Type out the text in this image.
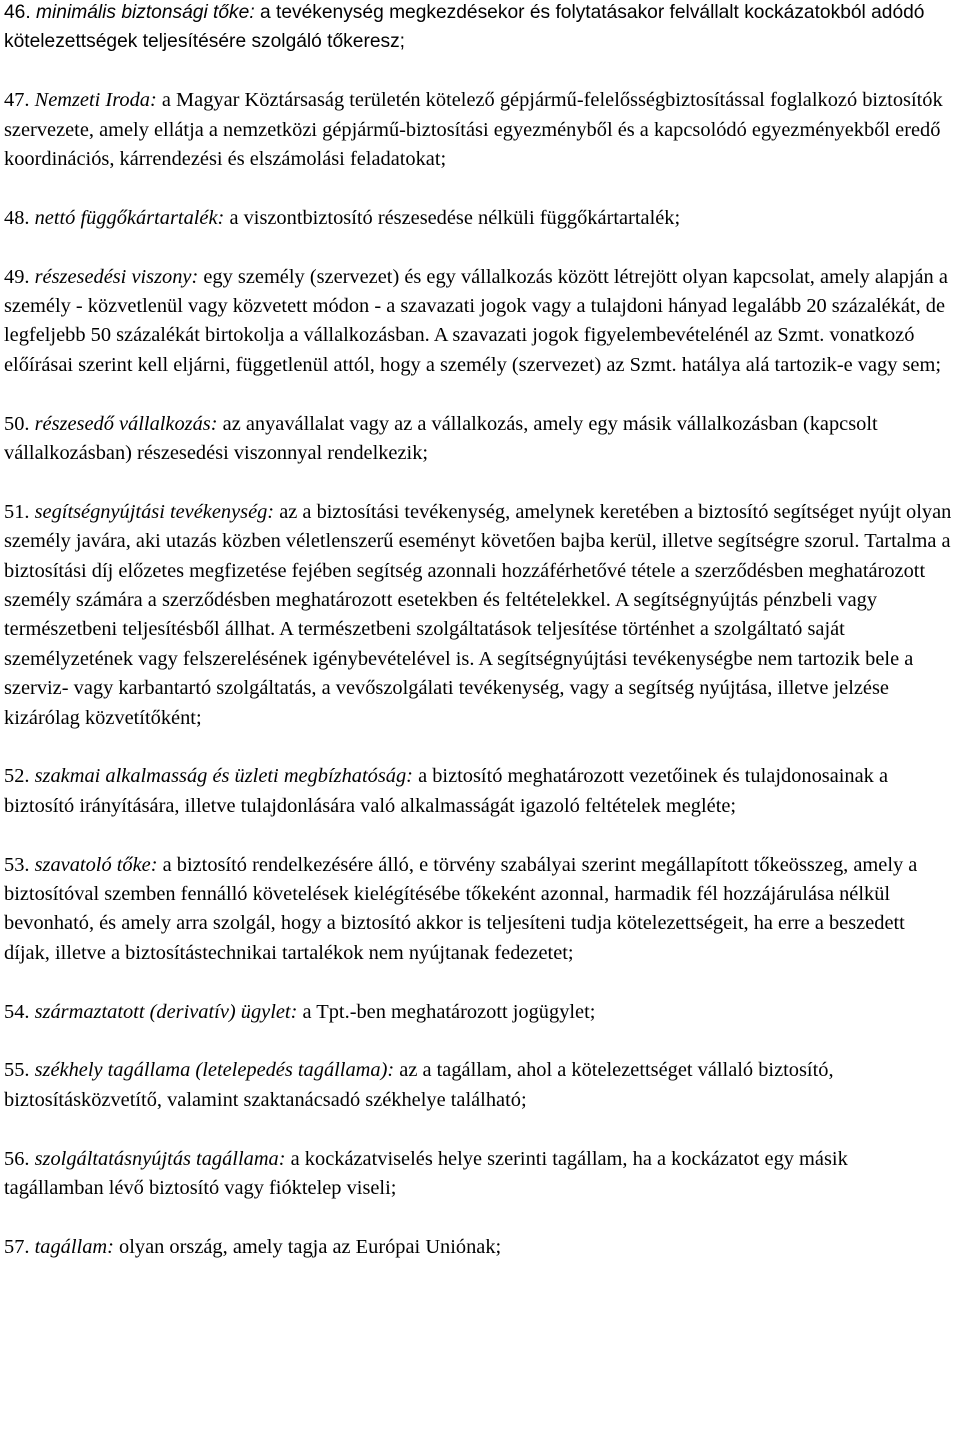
46. minimális biztonsági tőke: a tevékenység megkezdésekor és folytatásakor felvállalt kockázatokból adódó kötelezettségek teljesítésére szolgáló tőkeresz;

47. Nemzeti Iroda: a Magyar Köztársaság területén kötelező gépjármű-felelősségbiztosítással foglalkozó biztosítók szervezete, amely ellátja a nemzetközi gépjármű-biztosítási egyezményből és a kapcsolódó egyezményekből eredő koordinációs, kárrendezési és elszámolási feladatokat;

48. nettó függőkártartalék: a viszontbiztosító részesedése nélküli függőkártartalék;

49. részesedési viszony: egy személy (szervezet) és egy vállalkozás között létrejött olyan kapcsolat, amely alapján a személy - közvetlenül vagy közvetett módon - a szavazati jogok vagy a tulajdoni hányad legalább 20 százalékát, de legfeljebb 50 százalékát birtokolja a vállalkozásban. A szavazati jogok figyelembevételénél az Szmt. vonatkozó előírásai szerint kell eljárni, függetlenül attól, hogy a személy (szervezet) az Szmt. hatálya alá tartozik-e vagy sem;

50. részesedő vállalkozás: az anyavállalat vagy az a vállalkozás, amely egy másik vállalkozásban (kapcsolt vállalkozásban) részesedési viszonnyal rendelkezik;

51. segítségnyújtási tevékenység: az a biztosítási tevékenység, amelynek keretében a biztosító segítséget nyújt olyan személy javára, aki utazás közben véletlenszerű eseményt követően bajba kerül, illetve segítségre szorul. Tartalma a biztosítási díj előzetes megfizetése fejében segítség azonnali hozzáférhetővé tétele a szerződésben meghatározott személy számára a szerződésben meghatározott esetekben és feltételekkel. A segítségnyújtás pénzbeli vagy természetbeni teljesítésből állhat. A természetbeni szolgáltatások teljesítése történhet a szolgáltató saját személyzetének vagy felszerelésének igénybevételével is. A segítségnyújtási tevékenységbe nem tartozik bele a szerviz- vagy karbantartó szolgáltatás, a vevőszolgálati tevékenység, vagy a segítség nyújtása, illetve jelzése kizárólag közvetítőként;

52. szakmai alkalmasság és üzleti megbízhatóság: a biztosító meghatározott vezetőinek és tulajdonosainak a biztosító irányítására, illetve tulajdonlására való alkalmasságát igazoló feltételek megléte;

53. szavatoló tőke: a biztosító rendelkezésére álló, e törvény szabályai szerint megállapított tőkeösszeg, amely a biztosítóval szemben fennálló követelések kielégítésébe tőkeként azonnal, harmadik fél hozzájárulása nélkül bevonható, és amely arra szolgál, hogy a biztosító akkor is teljesíteni tudja kötelezettségeit, ha erre a beszedett díjak, illetve a biztosítástechnikai tartalékok nem nyújtanak fedezetet;

54. származtatott (derivatív) ügylet: a Tpt.-ben meghatározott jogügylet;

55. székhely tagállama (letelepedés tagállama): az a tagállam, ahol a kötelezettséget vállaló biztosító, biztosításközvetítő, valamint szaktanácsadó székhelye található;

56. szolgáltatásnyújtás tagállama: a kockázatviselés helye szerinti tagállam, ha a kockázatot egy másik tagállamban lévő biztosító vagy fióktelep viseli;

57. tagállam: olyan ország, amely tagja az Európai Uniónak;
